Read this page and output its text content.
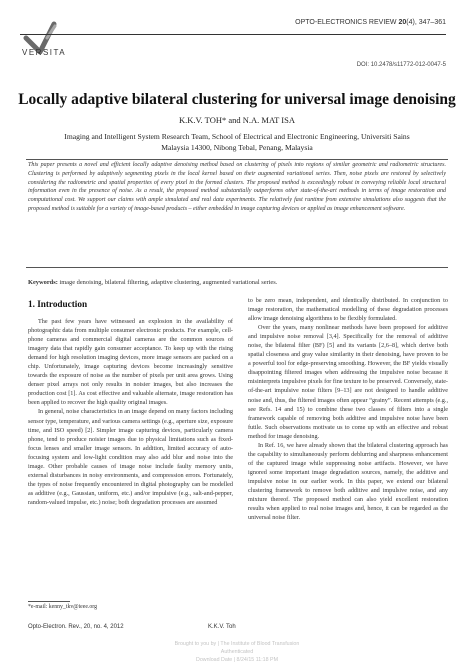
VERSITA
OPTO-ELECTRONICS REVIEW 20(4), 347–361
DOI: 10.2478/s11772-012-0047-5
Locally adaptive bilateral clustering for universal image denoising
K.K.V. TOH* and N.A. MAT ISA
Imaging and Intelligent System Research Team, School of Electrical and Electronic Engineering, Universiti Sains Malaysia 14300, Nibong Tebal, Penang, Malaysia
This paper presents a novel and efficient locally adaptive denoising method based on clustering of pixels into regions of similar geometric and radiometric structures. Clustering is performed by adaptively segmenting pixels in the local kernel based on their augmented variational series. Then, noise pixels are restored by selectively considering the radiometric and spatial properties of every pixel in the formed clusters. The proposed method is exceedingly robust in conveying reliable local structural information even in the presence of noise. As a result, the proposed method substantially outperforms other state-of-the-art methods in terms of image restoration and computational cost. We support our claims with ample simulated and real data experiments. The relatively fast runtime from extensive simulations also suggests that the proposed method is suitable for a variety of image-based products – either embedded in image capturing devices or applied as image enhancement software.
Keywords: image denoising, bilateral filtering, adaptive clustering, augmented variational series.
1. Introduction

The past few years have witnessed an explosion in the availability of photographic data from multiple consumer electronic products. For example, cell-phone cameras and commercial digital cameras are the common sources of imagery data that rapidly gain consumer acceptance. To keep up with the rising demand for high resolution imaging devices, more image sensors are packed on a chip. Unfortunately, image capturing devices become increasingly sensitive towards the exposure of noise as the number of pixels per unit area grows. Using denser pixel arrays not only results in noisier images, but also increases the production cost [1]. As cost effective and valuable alternate, image restoration has been applied to recover the high quality original images.

In general, noise characteristics in an image depend on many factors including sensor type, temperature, and various camera settings (e.g., aperture size, exposure time, and ISO speed) [2]. Simpler image capturing devices, particularly camera phone, tend to produce noisier images due to physical limitations such as fixed-focus lenses and smaller image sensors. In addition, limited accuracy of auto-focusing system and low-light condition may also add blur and noise into the image. Other probable causes of image noise include faulty memory units, external disturbances in noisy environments, and compression errors. Fortunately, the types of noise frequently encountered in digital photography can be modelled as additive (e.g., Gaussian, uniform, etc.) and/or impulsive (e.g., salt-and-pepper, random-valued impulse, etc.) noise; both degradation processes are assumed

to be zero mean, independent, and identically distributed. In conjunction to image restoration, the mathematical modelling of these degradation processes allow image denoising algorithms to be flexibly formulated.

Over the years, many nonlinear methods have been proposed for additive and impulsive noise removal [3,4]. Specifically for the removal of additive noise, the bilateral filter (BF) [5] and its variants [2,6–8], which derive both spatial closeness and gray value similarity in their denoising, have proven to be a powerful tool for edge-preserving smoothing. However, the BF yields visually disappointing filtered images when addressing the impulsive noise because it misinterprets impulsive pixels for fine texture to be preserved. Conversely, state-of-the-art impulsive noise filters [9–13] are not designed to handle additive noise and, thus, the filtered images often appear “grainy”. Recent attempts (e.g., see Refs. 14 and 15) to combine these two classes of filters into a single framework capable of removing both additive and impulsive noise have been futile. Such observations motivate us to come up with an effective and robust method for image denoising.

In Ref. 16, we have already shown that the bilateral clustering approach has the capability to simultaneously perform deblurring and sharpness enhancement of the captured image while suppressing noise artifacts. However, we have ignored some important image degradation sources, namely, the additive and impulsive noise in our earlier work. In this paper, we extend our bilateral clustering framework to remove both additive and impulsive noise, and any mixture thereof. The proposed method can also yield excellent restoration results when applied to real noise images and, hence, it can be regarded as the universal noise filter.

*e-mail: kenny_tkv@ieee.org
Opto-Electron. Rev., 20, no. 4, 2012	K.K.V. Toh
Brought to you by | The Institute of Blood Transfusion
Authenticated
Download Date | 8/24/15 11:18 PM
